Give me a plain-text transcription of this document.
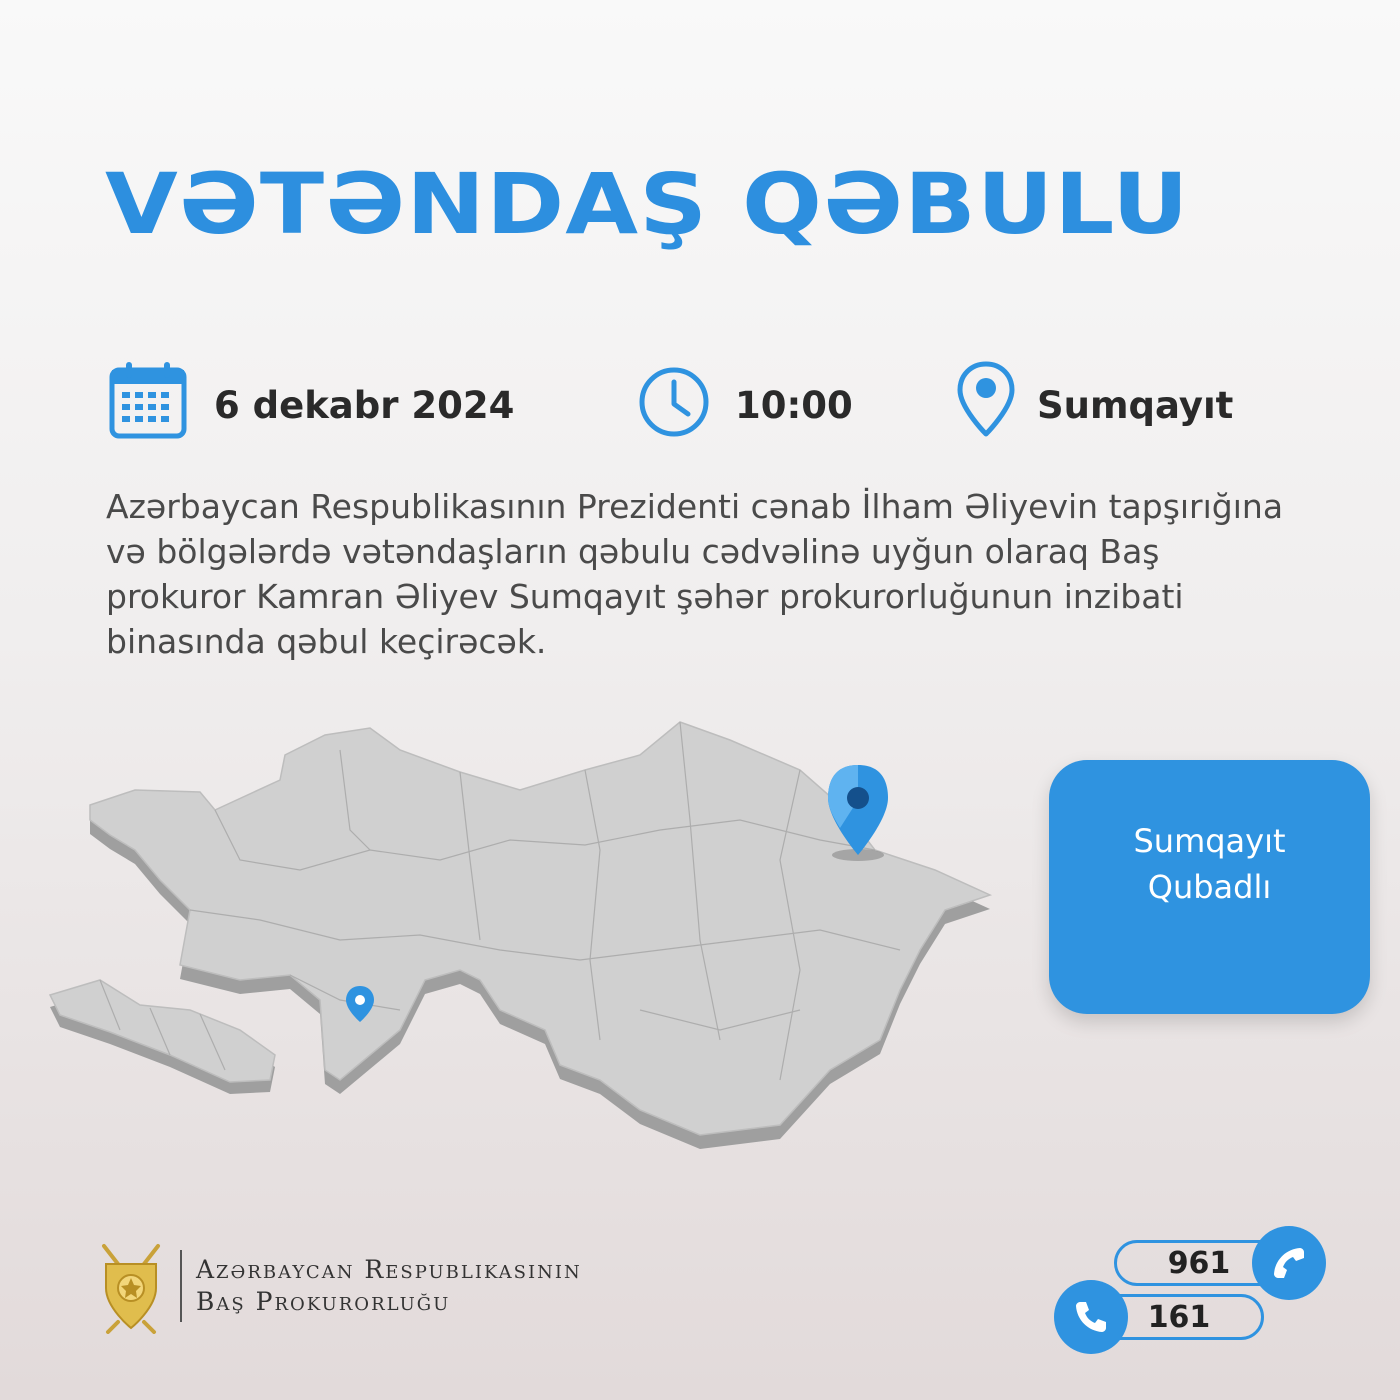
VƏTƏNDAŞ QƏBULU
6 dekabr 2024	10:00	Sumqayıt

Azərbaycan Respublikasının Prezidenti cənab İlham Əliyevin tapşırığına və bölgələrdə vətəndaşların qəbulu cədvəlinə uyğun olaraq Baş prokuror Kamran Əliyev Sumqayıt şəhər prokurorluğunun inzibati binasında qəbul keçirəcək.

Sumqayıt
Qubadlı
Azərbaycan Respublikasının
Baş Prokurorluğu
961
161
